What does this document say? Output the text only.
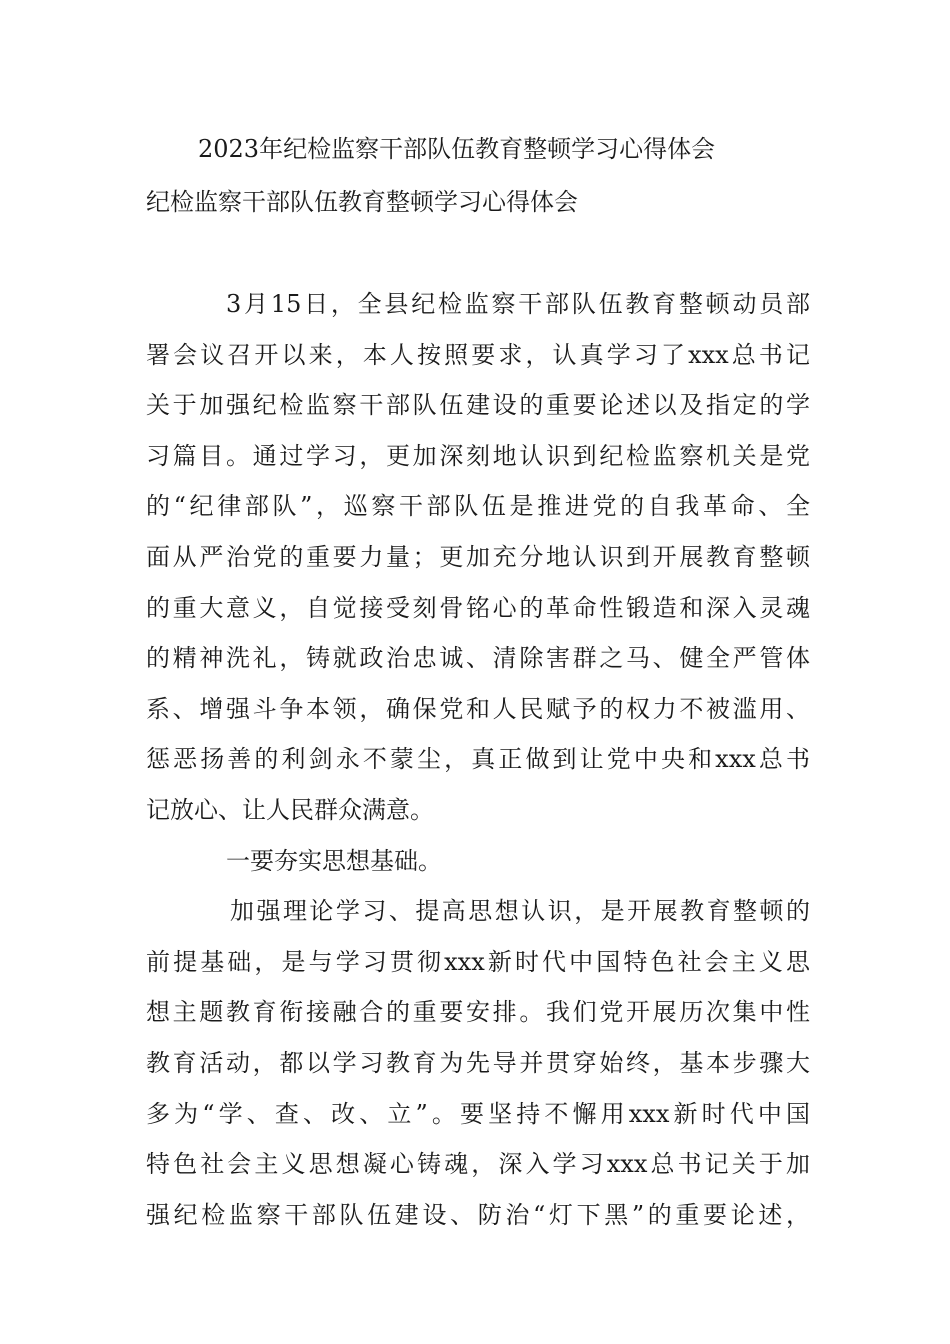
2023年纪检监察干部队伍教育整顿学习心得体会
纪检监察干部队伍教育整顿学习心得体会
3月15日，全县纪检监察干部队伍教育整顿动员部
署会议召开以来，本人按照要求，认真学习了xxx总书记
关于加强纪检监察干部队伍建设的重要论述以及指定的学
习篇目。通过学习，更加深刻地认识到纪检监察机关是党
的“纪律部队”，巡察干部队伍是推进党的自我革命、全
面从严治党的重要力量；更加充分地认识到开展教育整顿
的重大意义，自觉接受刻骨铭心的革命性锻造和深入灵魂
的精神洗礼，铸就政治忠诚、清除害群之马、健全严管体
系、增强斗争本领，确保党和人民赋予的权力不被滥用、
惩恶扬善的利剑永不蒙尘，真正做到让党中央和xxx总书
记放心、让人民群众满意。
一要夯实思想基础。
加强理论学习、提高思想认识，是开展教育整顿的
前提基础，是与学习贯彻xxx新时代中国特色社会主义思
想主题教育衔接融合的重要安排。我们党开展历次集中性
教育活动，都以学习教育为先导并贯穿始终，基本步骤大
多为“学、查、改、立”。要坚持不懈用xxx新时代中国
特色社会主义思想凝心铸魂，深入学习xxx总书记关于加
强纪检监察干部队伍建设、防治“灯下黑”的重要论述，
